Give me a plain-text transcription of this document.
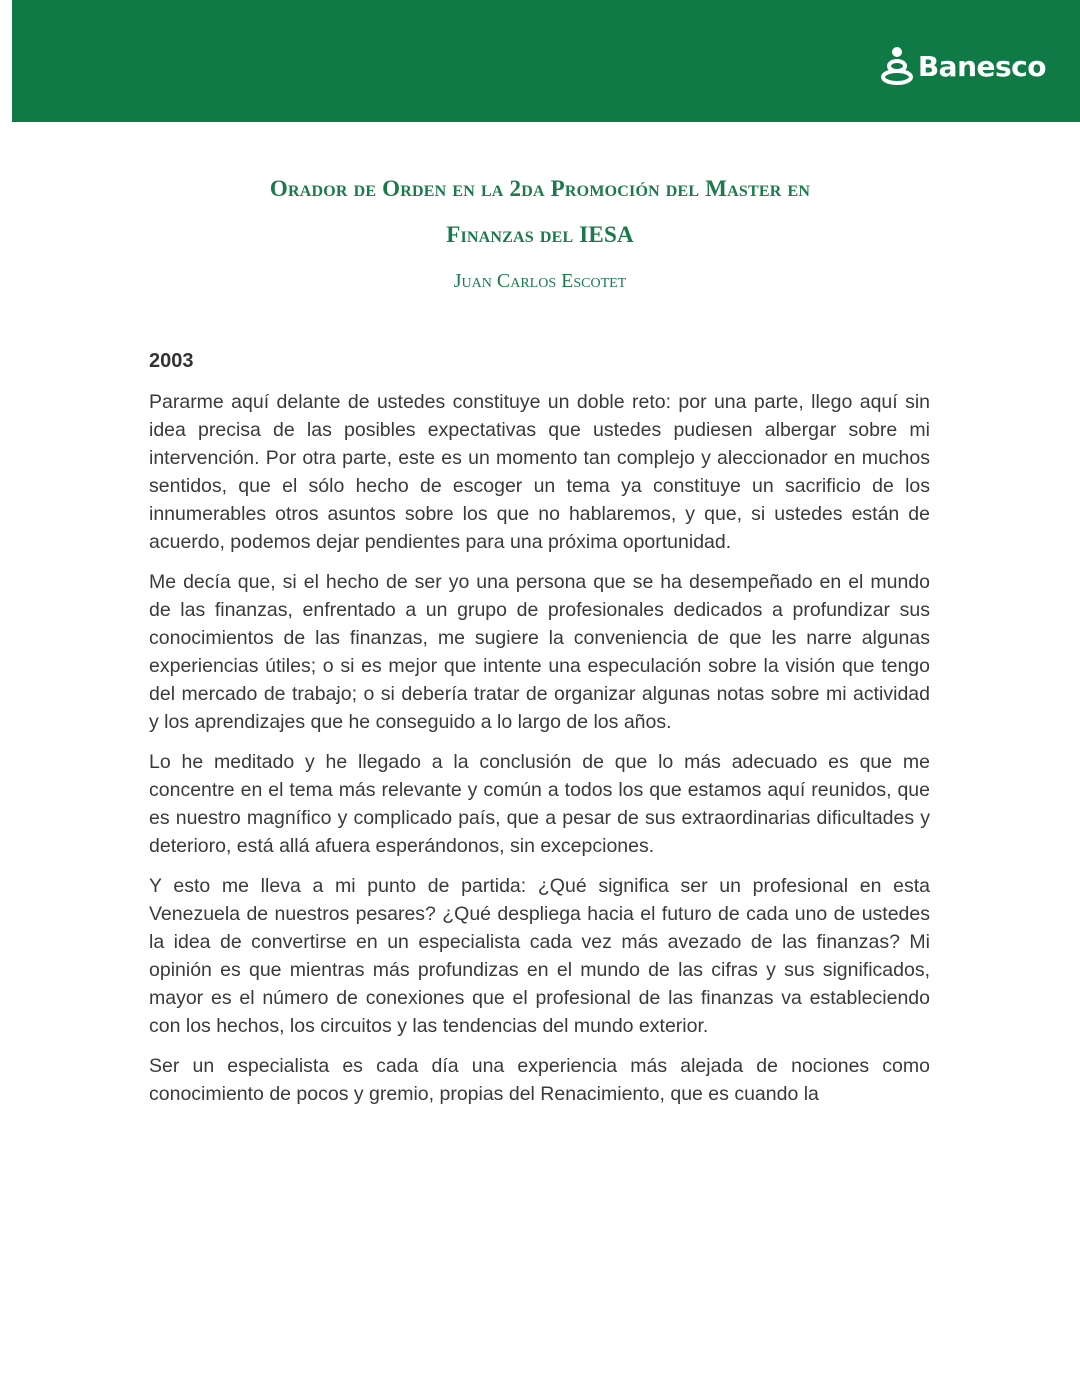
Banesco
Orador de Orden en la 2da Promoción del Master en
Finanzas del IESA
Juan Carlos Escotet
2003

Pararme aquí delante de ustedes constituye un doble reto: por una parte, llego aquí sin idea precisa de las posibles expectativas que ustedes pudiesen albergar sobre mi intervención. Por otra parte, este es un momento tan complejo y aleccionador en muchos sentidos, que el sólo hecho de escoger un tema ya constituye un sacrificio de los innumerables otros asuntos sobre los que no hablaremos, y que, si ustedes están de acuerdo, podemos dejar pendientes para una próxima oportunidad.

Me decía que, si el hecho de ser yo una persona que se ha desempeñado en el mundo de las finanzas, enfrentado a un grupo de profesionales dedicados a profundizar sus conocimientos de las finanzas, me sugiere la conveniencia de que les narre algunas experiencias útiles; o si es mejor que intente una especulación sobre la visión que tengo del mercado de trabajo; o si debería tratar de organizar algunas notas sobre mi actividad y los aprendizajes que he conseguido a lo largo de los años.

Lo he meditado y he llegado a la conclusión de que lo más adecuado es que me concentre en el tema más relevante y común a todos los que estamos aquí reunidos, que es nuestro magnífico y complicado país, que a pesar de sus extraordinarias dificultades y deterioro, está allá afuera esperándonos, sin excepciones.

Y esto me lleva a mi punto de partida: ¿Qué significa ser un profesional en esta Venezuela de nuestros pesares? ¿Qué despliega hacia el futuro de cada uno de ustedes la idea de convertirse en un especialista cada vez más avezado de las finanzas? Mi opinión es que mientras más profundizas en el mundo de las cifras y sus significados, mayor es el número de conexiones que el profesional de las finanzas va estableciendo con los hechos, los circuitos y las tendencias del mundo exterior.

Ser un especialista es cada día una experiencia más alejada de nociones como conocimiento de pocos y gremio, propias del Renacimiento, que es cuando la
